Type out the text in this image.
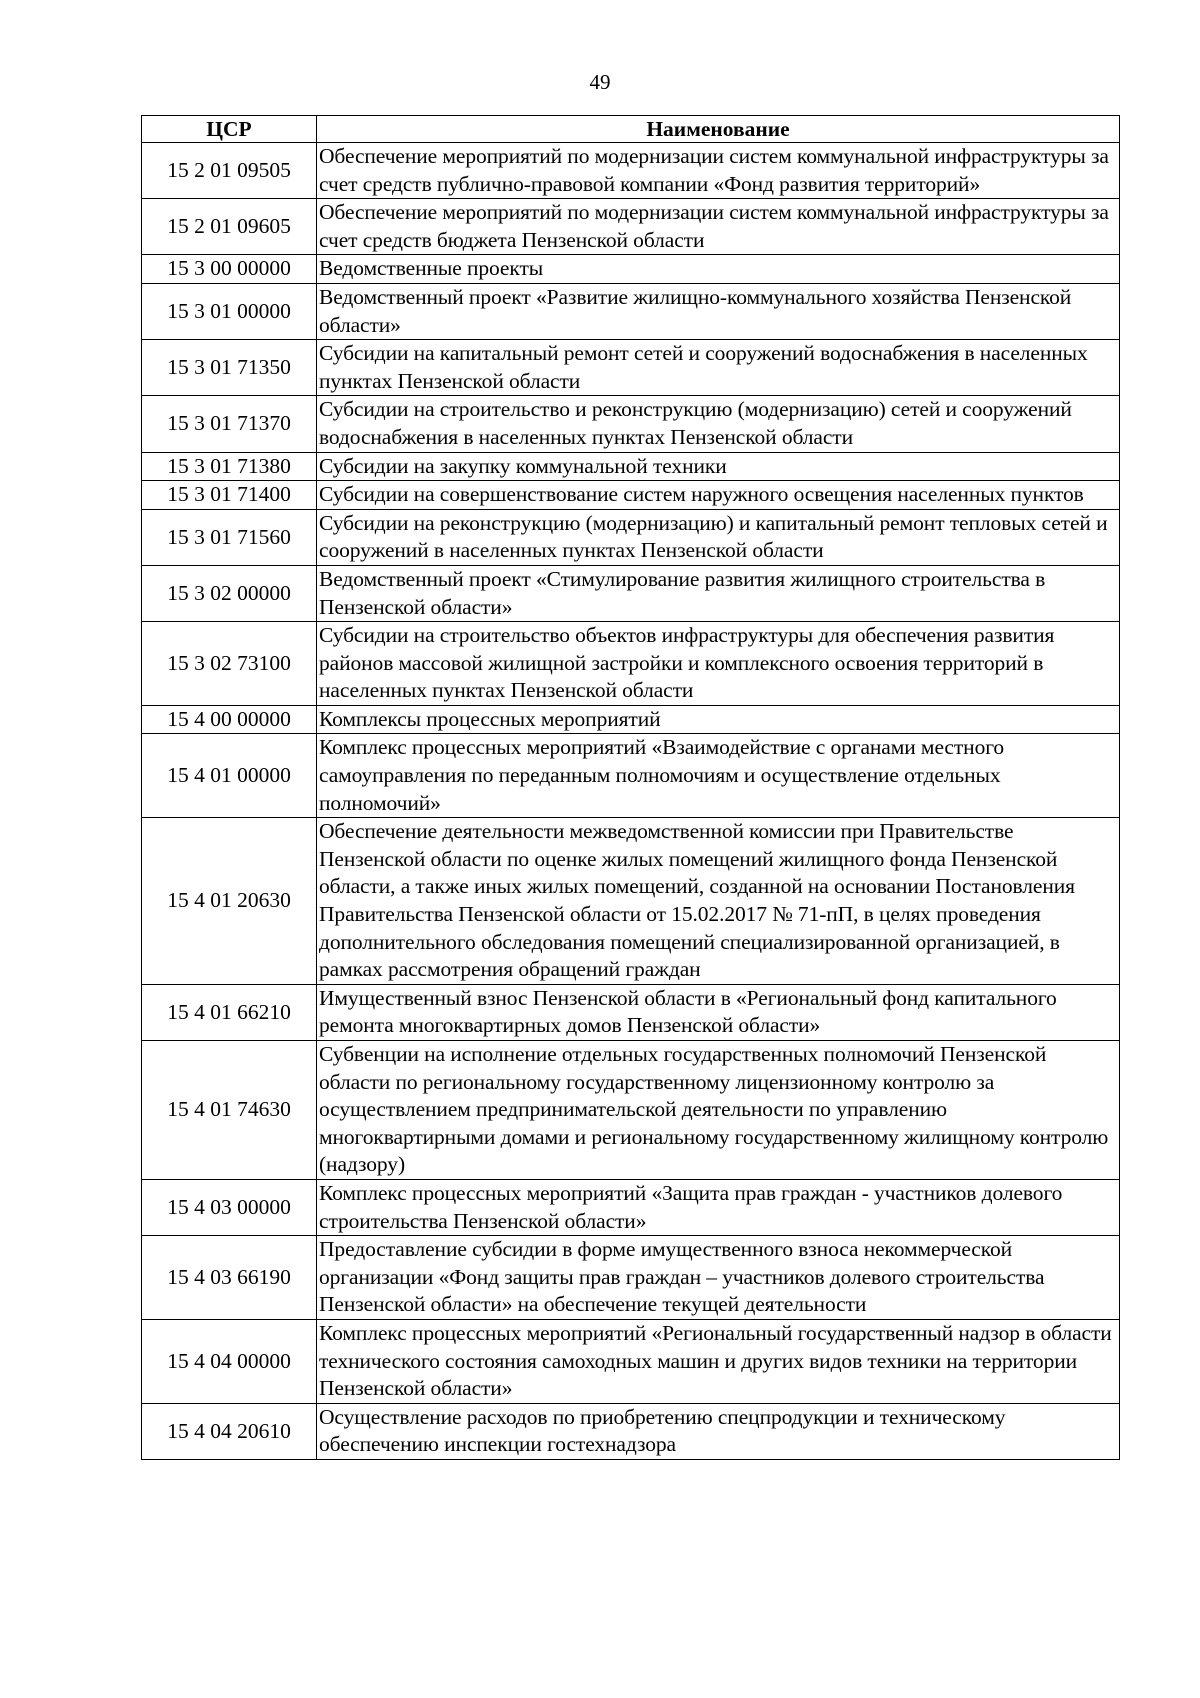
49
ЦСР	Наименование
15 2 01 09505	Обеспечение мероприятий по модернизации систем коммунальной инфраструктуры за счет средств публично-правовой компании «Фонд развития территорий»
15 2 01 09605	Обеспечение мероприятий по модернизации систем коммунальной инфраструктуры за счет средств бюджета Пензенской области
15 3 00 00000	Ведомственные проекты
15 3 01 00000	Ведомственный проект «Развитие жилищно-коммунального хозяйства Пензенской области»
15 3 01 71350	Субсидии на капитальный ремонт сетей и сооружений водоснабжения в населенных пунктах Пензенской области
15 3 01 71370	Субсидии на строительство и реконструкцию (модернизацию) сетей и сооружений водоснабжения в населенных пунктах Пензенской области
15 3 01 71380	Субсидии на закупку коммунальной техники
15 3 01 71400	Субсидии на совершенствование систем наружного освещения населенных пунктов
15 3 01 71560	Субсидии на реконструкцию (модернизацию) и капитальный ремонт тепловых сетей и сооружений в населенных пунктах Пензенской области
15 3 02 00000	Ведомственный проект «Стимулирование развития жилищного строительства в Пензенской области»
15 3 02 73100	Субсидии на строительство объектов инфраструктуры для обеспечения развития районов массовой жилищной застройки и комплексного освоения территорий в населенных пунктах Пензенской области
15 4 00 00000	Комплексы процессных мероприятий
15 4 01 00000	Комплекс процессных мероприятий «Взаимодействие с органами местного самоуправления по переданным полномочиям и осуществление отдельных полномочий»
15 4 01 20630	Обеспечение деятельности межведомственной комиссии при Правительстве Пензенской области по оценке жилых помещений жилищного фонда Пензенской области, а также иных жилых помещений, созданной на основании Постановления Правительства Пензенской области от 15.02.2017 № 71-пП, в целях проведения дополнительного обследования помещений специализированной организацией, в рамках рассмотрения обращений граждан
15 4 01 66210	Имущественный взнос Пензенской области в «Региональный фонд капитального ремонта многоквартирных домов Пензенской области»
15 4 01 74630	Субвенции на исполнение отдельных государственных полномочий Пензенской области по региональному государственному лицензионному контролю за осуществлением предпринимательской деятельности по управлению многоквартирными домами и региональному государственному жилищному контролю (надзору)
15 4 03 00000	Комплекс процессных мероприятий «Защита прав граждан - участников долевого строительства Пензенской области»
15 4 03 66190	Предоставление субсидии в форме имущественного взноса некоммерческой организации «Фонд защиты прав граждан – участников долевого строительства Пензенской области» на обеспечение текущей деятельности
15 4 04 00000	Комплекс процессных мероприятий «Региональный государственный надзор в области технического состояния самоходных машин и других видов техники на территории Пензенской области»
15 4 04 20610	Осуществление расходов по приобретению спецпродукции и техническому обеспечению инспекции гостехнадзора
